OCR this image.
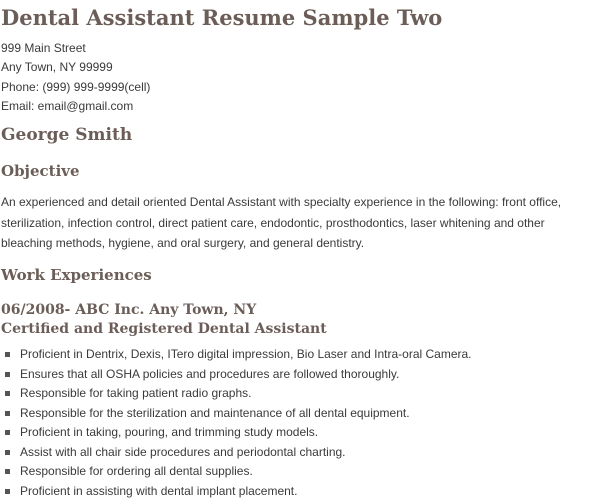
Dental Assistant Resume Sample Two
999 Main Street
Any Town, NY 99999
Phone: (999) 999-9999(cell)
Email: email@gmail.com
George Smith
Objective
An experienced and detail oriented Dental Assistant with specialty experience in the following: front office, sterilization, infection control, direct patient care, endodontic, prosthodontics, laser whitening and other bleaching methods, hygiene, and oral surgery, and general dentistry.
Work Experiences
06/2008- ABC Inc. Any Town, NY
Certified and Registered Dental Assistant
Proficient in Dentrix, Dexis, ITero digital impression, Bio Laser and Intra-oral Camera.
Ensures that all OSHA policies and procedures are followed thoroughly.
Responsible for taking patient radio graphs.
Responsible for the sterilization and maintenance of all dental equipment.
Proficient in taking, pouring, and trimming study models.
Assist with all chair side procedures and periodontal charting.
Responsible for ordering all dental supplies.
Proficient in assisting with dental implant placement.
